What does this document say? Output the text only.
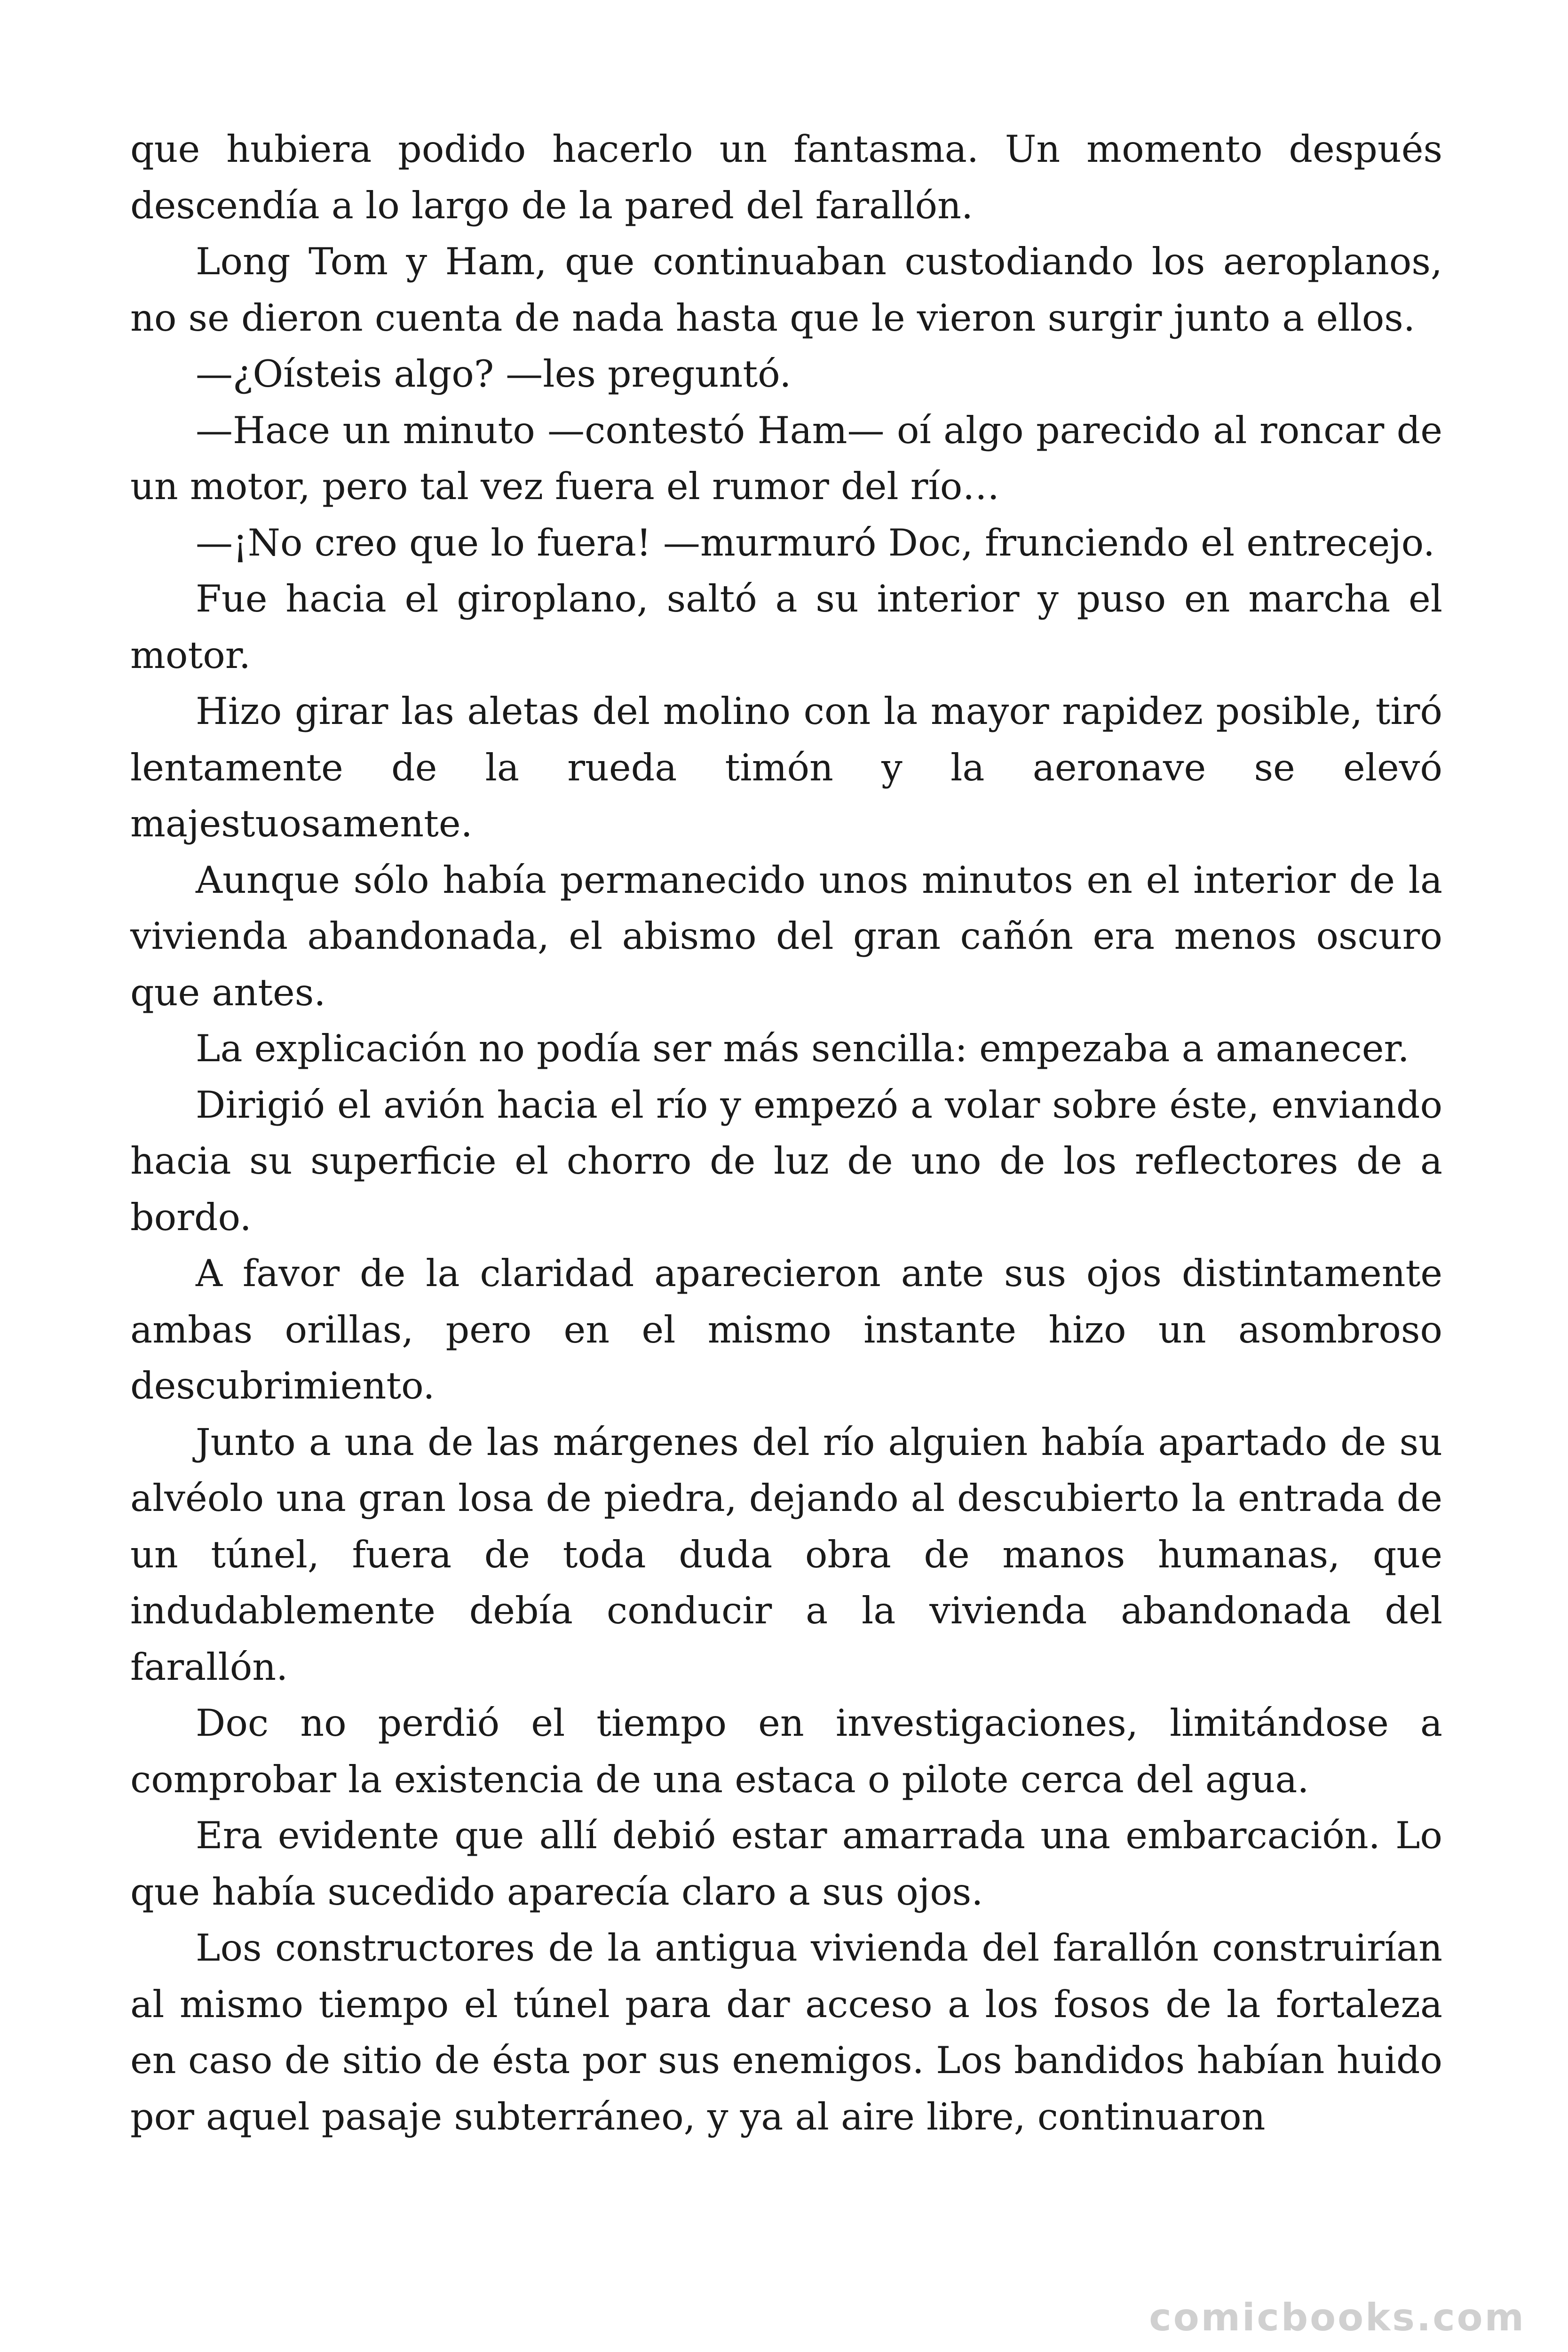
que hubiera podido hacerlo un fantasma. Un momento después descendía a lo largo de la pared del farallón.

Long Tom y Ham, que continuaban custodiando los aeroplanos, no se dieron cuenta de nada hasta que le vieron surgir junto a ellos.

—¿Oísteis algo? —les preguntó.

—Hace un minuto —contestó Ham— oí algo parecido al roncar de un motor, pero tal vez fuera el rumor del río…

—¡No creo que lo fuera! —murmuró Doc, frunciendo el entrecejo.

Fue hacia el giroplano, saltó a su interior y puso en marcha el motor.

Hizo girar las aletas del molino con la mayor rapidez posible, tiró lentamente de la rueda timón y la aeronave se elevó majestuosamente.

Aunque sólo había permanecido unos minutos en el interior de la vivienda abandonada, el abismo del gran cañón era menos oscuro que antes.

La explicación no podía ser más sencilla: empezaba a amanecer.

Dirigió el avión hacia el río y empezó a volar sobre éste, enviando hacia su superficie el chorro de luz de uno de los reflectores de a bordo.

A favor de la claridad aparecieron ante sus ojos distintamente ambas orillas, pero en el mismo instante hizo un asombroso descubrimiento.

Junto a una de las márgenes del río alguien había apartado de su alvéolo una gran losa de piedra, dejando al descubierto la entrada de un túnel, fuera de toda duda obra de manos humanas, que indudablemente debía conducir a la vivienda abandonada del farallón.

Doc no perdió el tiempo en investigaciones, limitándose a comprobar la existencia de una estaca o pilote cerca del agua.

Era evidente que allí debió estar amarrada una embarcación. Lo que había sucedido aparecía claro a sus ojos.

Los constructores de la antigua vivienda del farallón construirían al mismo tiempo el túnel para dar acceso a los fosos de la fortaleza en caso de sitio de ésta por sus enemigos. Los bandidos habían huido por aquel pasaje subterráneo, y ya al aire libre, continuaron

comicbooks.com
